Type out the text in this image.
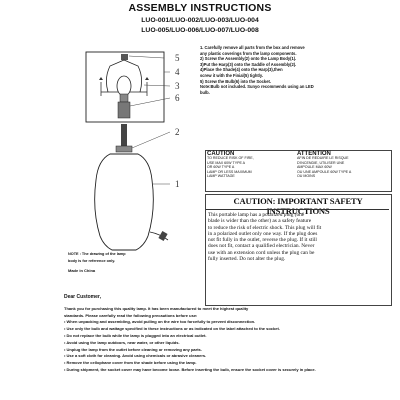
ASSEMBLY INSTRUCTIONS
LUO-001/LUO-002/LUO-003/LUO-004
LUO-005/LUO-006/LUO-007/LUO-008
5
4
3
6
2
1
1. Carefully remove all parts from the box and remove
any plastic coverings from the lamp components.
2) Screw the Assembly(2) onto the Lamp Body(1).
3)Put the Harp(3) onto the Saddle of Assembly(2).
4)Place the Shade(4) onto the Harp(3),then
screw it with the Finial(5) tightly.
5) Screw the Bulb(6) into the Socket.
Note:Bulb not included. Sunyo recommends using an LED
bulb.
NOTE : The drawing of the lamp
body is for reference only.
Made in China
CAUTION
TO REDUCE RISK OF FIRE,
USE MAX 60W TYPE A
OR 60W TYPE A
LAMP OR LESS MAXIMUM
LAMP WATTAGE
ATTENTION
AFIN DE REDUIRE LE RISQUE
D'INCENDIE, UTILISER UNE
AMPOULE MAX 60W
OU UNE AMPOULE 60W TYPE A
OU MOINS
CAUTION: IMPORTANT SAFETY INSTRUCTIONS
This portable lamp has a polarized plug (one
blade is wider than the other) as a safety feature
to reduce the risk of electric shock. This plug will fit
in a polarized outlet only one way. If the plug does
not fit fully in the outlet, reverse the plug. If it still
does not fit, contact a qualified electrician. Never
use with an extension cord unless the plug can be
fully inserted. Do not alter the plug.
Dear Customer,
Thank you for purchasing this quality lamp. It has been manufactured to meet the highest quality
standards. Please carefully read the following precautions before use:
• When unpacking and assembling, avoid pulling on the wire too forcefully to prevent disconnection.
• Use only the bulb and wattage specified in these instructions or as indicated on the label attached to the socket.
• Do not replace the bulb while the lamp is plugged into an electrical outlet.
• Avoid using the lamp outdoors, near water, or other liquids.
• Unplug the lamp from the outlet before cleaning or removing any parts.
• Use a soft cloth for cleaning. Avoid using chemicals or abrasive cleaners.
• Remove the cellophane cover from the shade before using the lamp.
• During shipment, the socket cover may have become loose. Before inserting the bulb, ensure the socket cover is securely in place.
